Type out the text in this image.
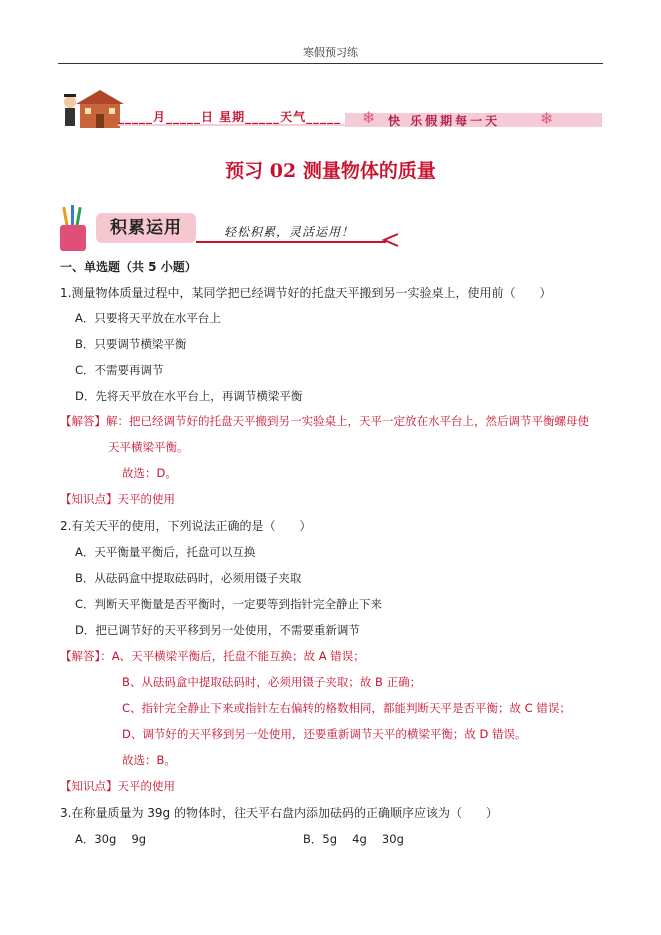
寒假预习练
_____月_____日 星期_____天气_____ ❄ 快 乐假期每一天 ❄
预习 02 测量物体的质量
积累运用	轻松积累，灵活运用！
一、单选题（共 5 小题）
1.测量物体质量过程中，某同学把已经调节好的托盘天平搬到另一实验桌上，使用前（　　）
A．只要将天平放在水平台上
B．只要调节横梁平衡
C．不需要再调节
D．先将天平放在水平台上，再调节横梁平衡
【解答】解：把已经调节好的托盘天平搬到另一实验桌上，天平一定放在水平台上，然后调节平衡螺母使
天平横梁平衡。
故选：D。
【知识点】天平的使用
2.有关天平的使用，下列说法正确的是（　　）
A．天平衡量平衡后，托盘可以互换
B．从砝码盒中提取砝码时，必须用镊子夹取
C．判断天平衡量是否平衡时，一定要等到指针完全静止下来
D．把已调节好的天平移到另一处使用，不需要重新调节
【解答】：A、天平横梁平衡后，托盘不能互换；故 A 错误；
B、从砝码盒中提取砝码时，必须用镊子夹取；故 B 正确；
C、指针完全静止下来或指针左右偏转的格数相同，都能判断天平是否平衡；故 C 错误；
D、调节好的天平移到另一处使用，还要重新调节天平的横梁平衡；故 D 错误。
故选：B。
【知识点】天平的使用
3.在称量质量为 39g 的物体时，往天平右盘内添加砝码的正确顺序应该为（　　）
A．30g　 9g	B．5g　 4g　 30g
